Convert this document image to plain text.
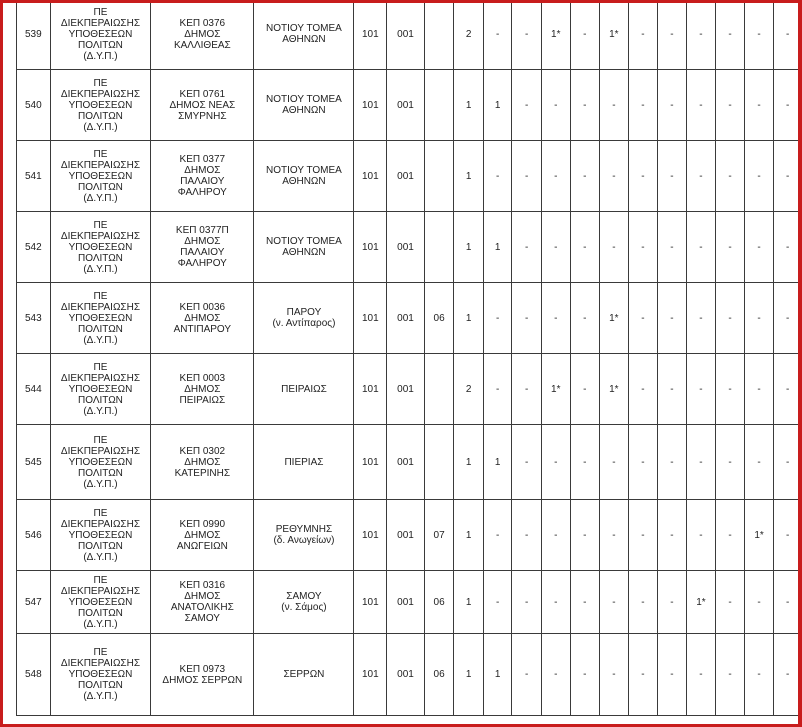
539	ΠΕ
ΔΙΕΚΠΕΡΑΙΩΣΗΣ
ΥΠΟΘΕΣΕΩΝ
ΠΟΛΙΤΩΝ
(Δ.Υ.Π.)	ΚΕΠ 0376
ΔΗΜΟΣ
ΚΑΛΛΙΘΕΑΣ	ΝΟΤΙΟΥ ΤΟΜΕΑ
ΑΘΗΝΩΝ	101	001		2	-	-	1*	-	1*	-	-	-	-	-	-
540	ΠΕ
ΔΙΕΚΠΕΡΑΙΩΣΗΣ
ΥΠΟΘΕΣΕΩΝ
ΠΟΛΙΤΩΝ
(Δ.Υ.Π.)	ΚΕΠ 0761
ΔΗΜΟΣ ΝΕΑΣ
ΣΜΥΡΝΗΣ	ΝΟΤΙΟΥ ΤΟΜΕΑ
ΑΘΗΝΩΝ	101	001		1	1	-	-	-	-	-	-	-	-	-	-
541	ΠΕ
ΔΙΕΚΠΕΡΑΙΩΣΗΣ
ΥΠΟΘΕΣΕΩΝ
ΠΟΛΙΤΩΝ
(Δ.Υ.Π.)	ΚΕΠ 0377
ΔΗΜΟΣ
ΠΑΛΑΙΟΥ
ΦΑΛΗΡΟΥ	ΝΟΤΙΟΥ ΤΟΜΕΑ
ΑΘΗΝΩΝ	101	001		1	-	-	-	-	-	-	-	-	-	-	-
542	ΠΕ
ΔΙΕΚΠΕΡΑΙΩΣΗΣ
ΥΠΟΘΕΣΕΩΝ
ΠΟΛΙΤΩΝ
(Δ.Υ.Π.)	ΚΕΠ 0377Π
ΔΗΜΟΣ
ΠΑΛΑΙΟΥ
ΦΑΛΗΡΟΥ	ΝΟΤΙΟΥ ΤΟΜΕΑ
ΑΘΗΝΩΝ	101	001		1	1	-	-	-	-	-	-	-	-	-	-
543	ΠΕ
ΔΙΕΚΠΕΡΑΙΩΣΗΣ
ΥΠΟΘΕΣΕΩΝ
ΠΟΛΙΤΩΝ
(Δ.Υ.Π.)	ΚΕΠ 0036
ΔΗΜΟΣ
ΑΝΤΙΠΑΡΟΥ	ΠΑΡΟΥ
(ν. Αντίπαρος)	101	001	06	1	-	-	-	-	1*	-	-	-	-	-	-
544	ΠΕ
ΔΙΕΚΠΕΡΑΙΩΣΗΣ
ΥΠΟΘΕΣΕΩΝ
ΠΟΛΙΤΩΝ
(Δ.Υ.Π.)	ΚΕΠ 0003
ΔΗΜΟΣ
ΠΕΙΡΑΙΩΣ	ΠΕΙΡΑΙΩΣ	101	001		2	-	-	1*	-	1*	-	-	-	-	-	-
545	ΠΕ
ΔΙΕΚΠΕΡΑΙΩΣΗΣ
ΥΠΟΘΕΣΕΩΝ
ΠΟΛΙΤΩΝ
(Δ.Υ.Π.)	ΚΕΠ 0302
ΔΗΜΟΣ
ΚΑΤΕΡΙΝΗΣ	ΠΙΕΡΙΑΣ	101	001		1	1	-	-	-	-	-	-	-	-	-	-
546	ΠΕ
ΔΙΕΚΠΕΡΑΙΩΣΗΣ
ΥΠΟΘΕΣΕΩΝ
ΠΟΛΙΤΩΝ
(Δ.Υ.Π.)	ΚΕΠ 0990
ΔΗΜΟΣ
ΑΝΩΓΕΙΩΝ	ΡΕΘΥΜΝΗΣ
(δ. Ανωγείων)	101	001	07	1	-	-	-	-	-	-	-	-	-	1*	-
547	ΠΕ
ΔΙΕΚΠΕΡΑΙΩΣΗΣ
ΥΠΟΘΕΣΕΩΝ
ΠΟΛΙΤΩΝ
(Δ.Υ.Π.)	ΚΕΠ 0316
ΔΗΜΟΣ
ΑΝΑΤΟΛΙΚΗΣ
ΣΑΜΟΥ	ΣΑΜΟΥ
(ν. Σάμος)	101	001	06	1	-	-	-	-	-	-	-	1*	-	-	-
548	ΠΕ
ΔΙΕΚΠΕΡΑΙΩΣΗΣ
ΥΠΟΘΕΣΕΩΝ
ΠΟΛΙΤΩΝ
(Δ.Υ.Π.)	ΚΕΠ 0973
ΔΗΜΟΣ ΣΕΡΡΩΝ	ΣΕΡΡΩΝ	101	001	06	1	1	-	-	-	-	-	-	-	-	-	-
